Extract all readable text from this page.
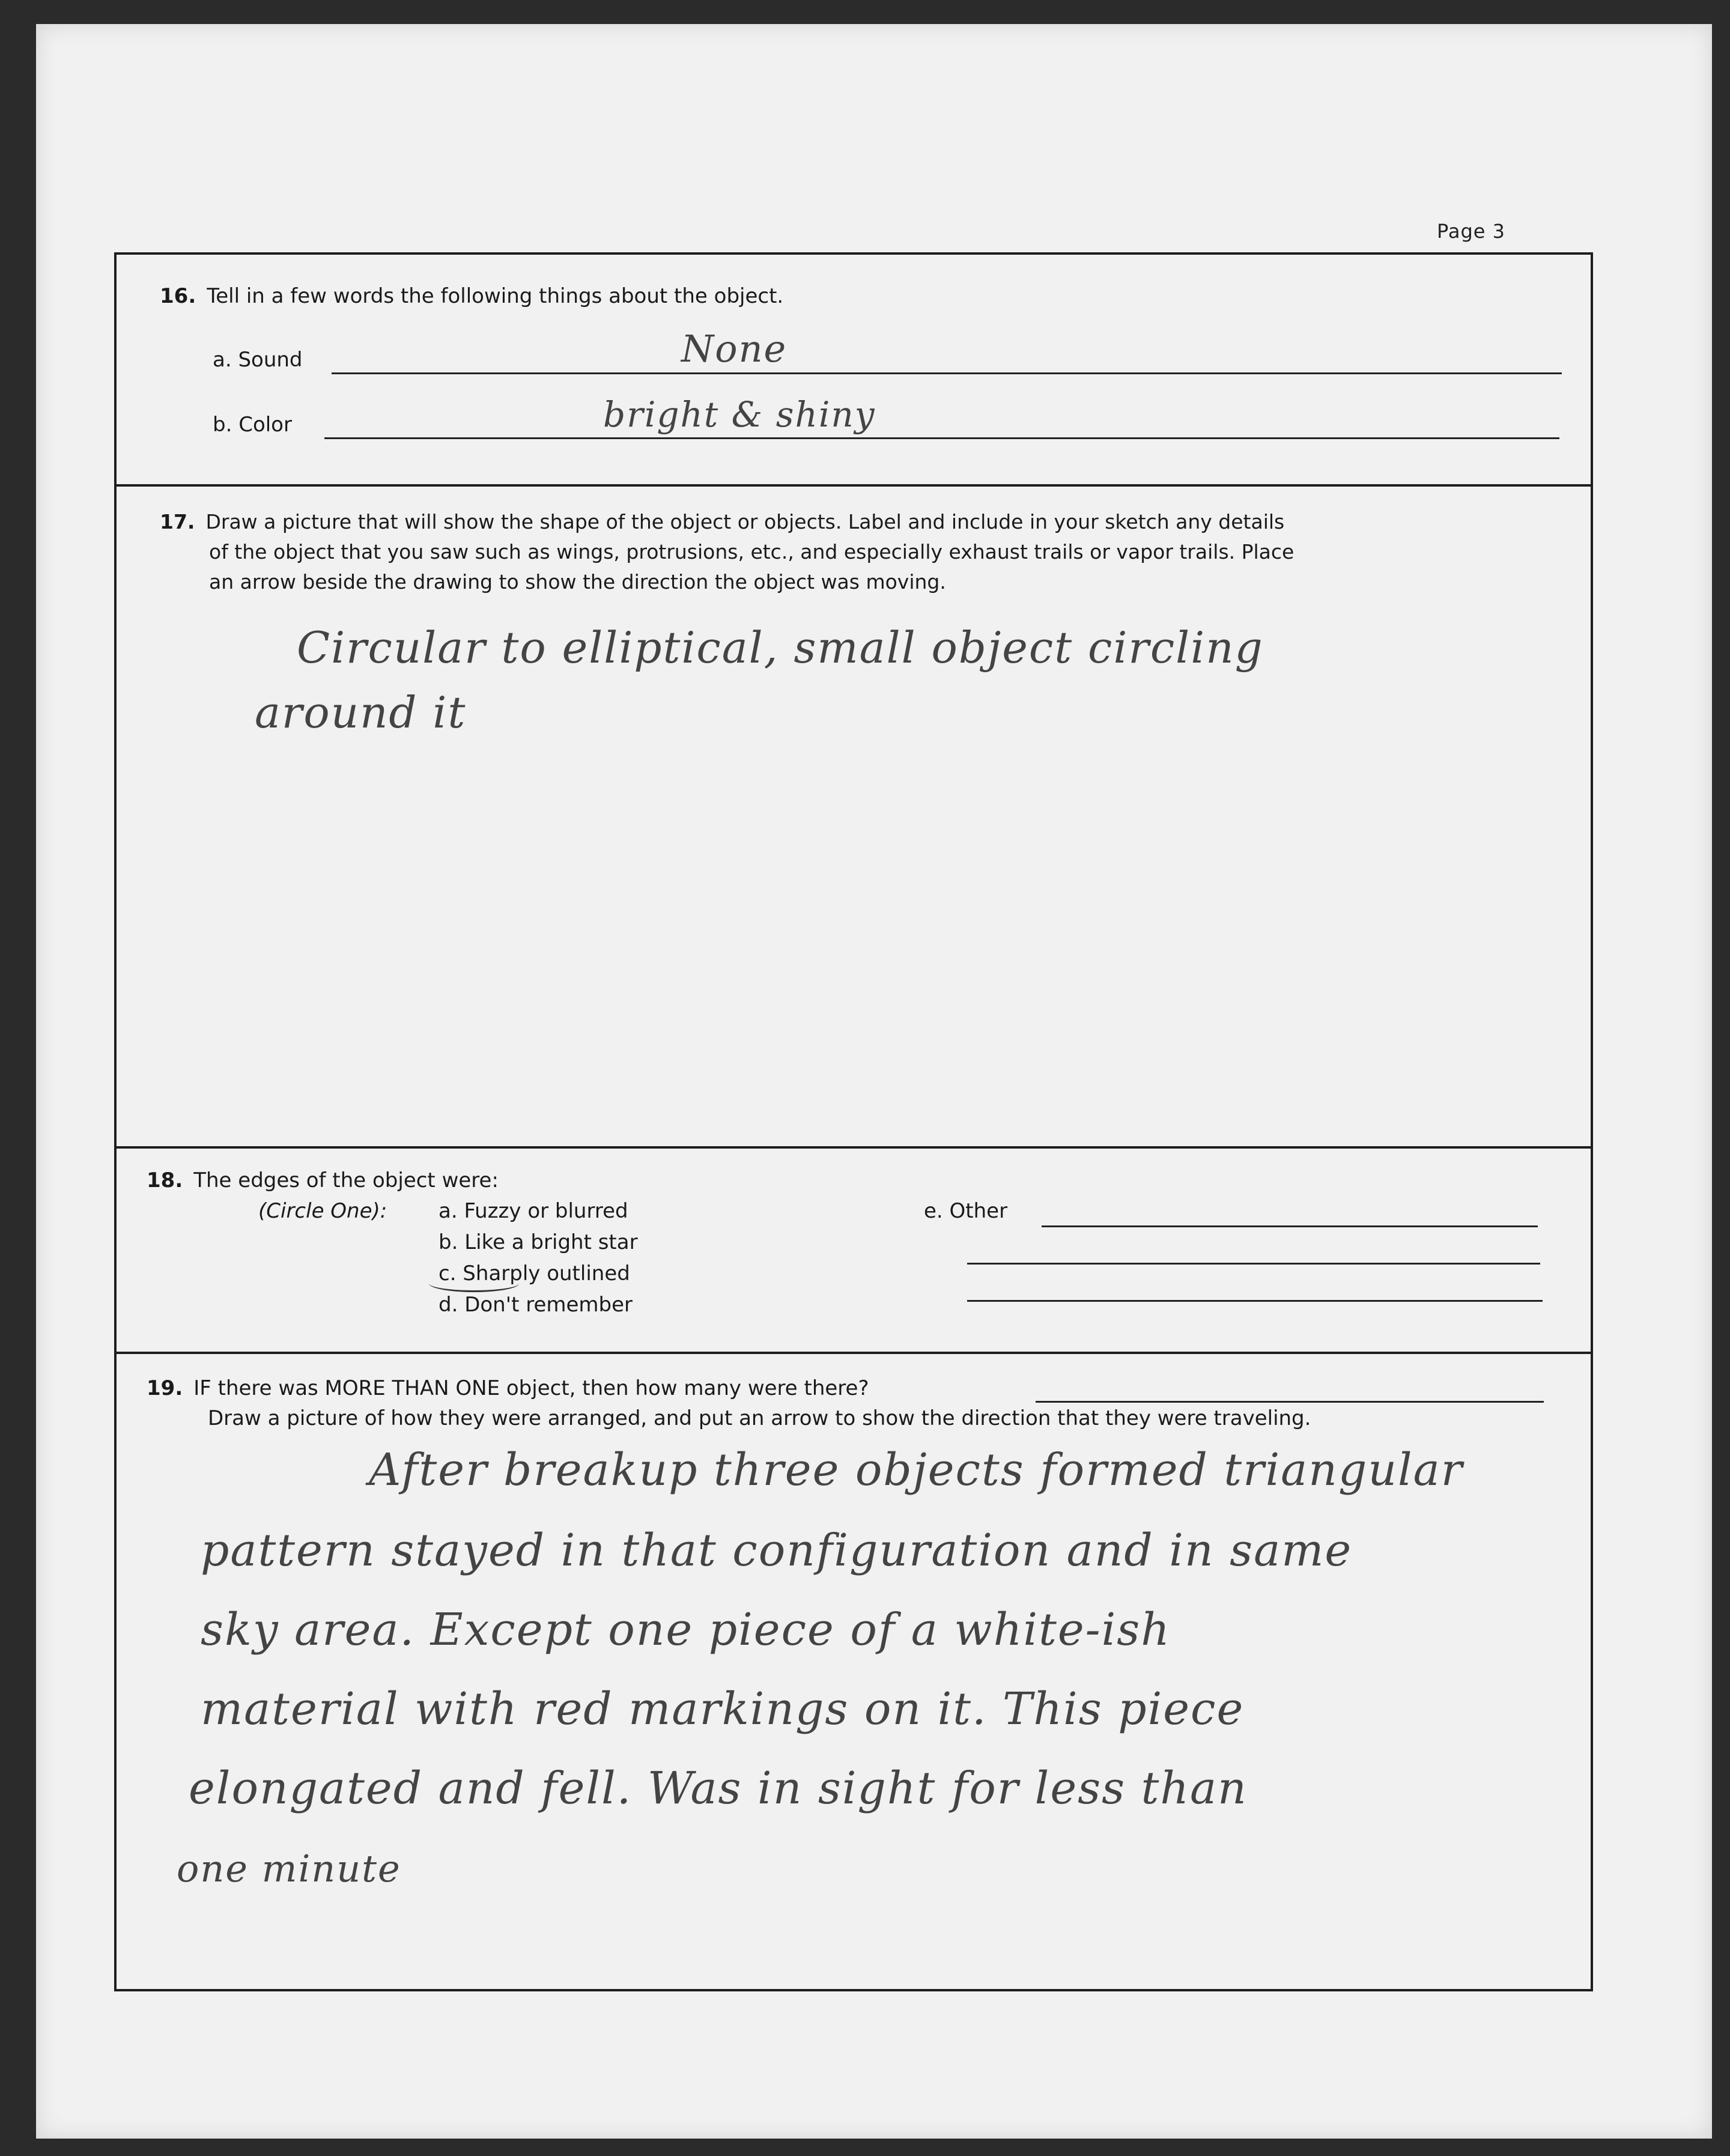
Page 3
16. Tell in a few words the following things about the object.
a. Sound	None
b. Color	bright & shiny
17. Draw a picture that will show the shape of the object or objects. Label and include in your sketch any details
of the object that you saw such as wings, protrusions, etc., and especially exhaust trails or vapor trails. Place
an arrow beside the drawing to show the direction the object was moving.
Circular to elliptical, small object circling
around it
18. The edges of the object were:
(Circle One):	a. Fuzzy or blurred
b. Like a bright star
c. Sharply outlined
d. Don't remember
e. Other
19. IF there was MORE THAN ONE object, then how many were there?
Draw a picture of how they were arranged, and put an arrow to show the direction that they were traveling.
After breakup three objects formed triangular
pattern stayed in that configuration and in same
sky area. Except one piece of a white-ish
material with red markings on it. This piece
elongated and fell. Was in sight for less than
one minute
